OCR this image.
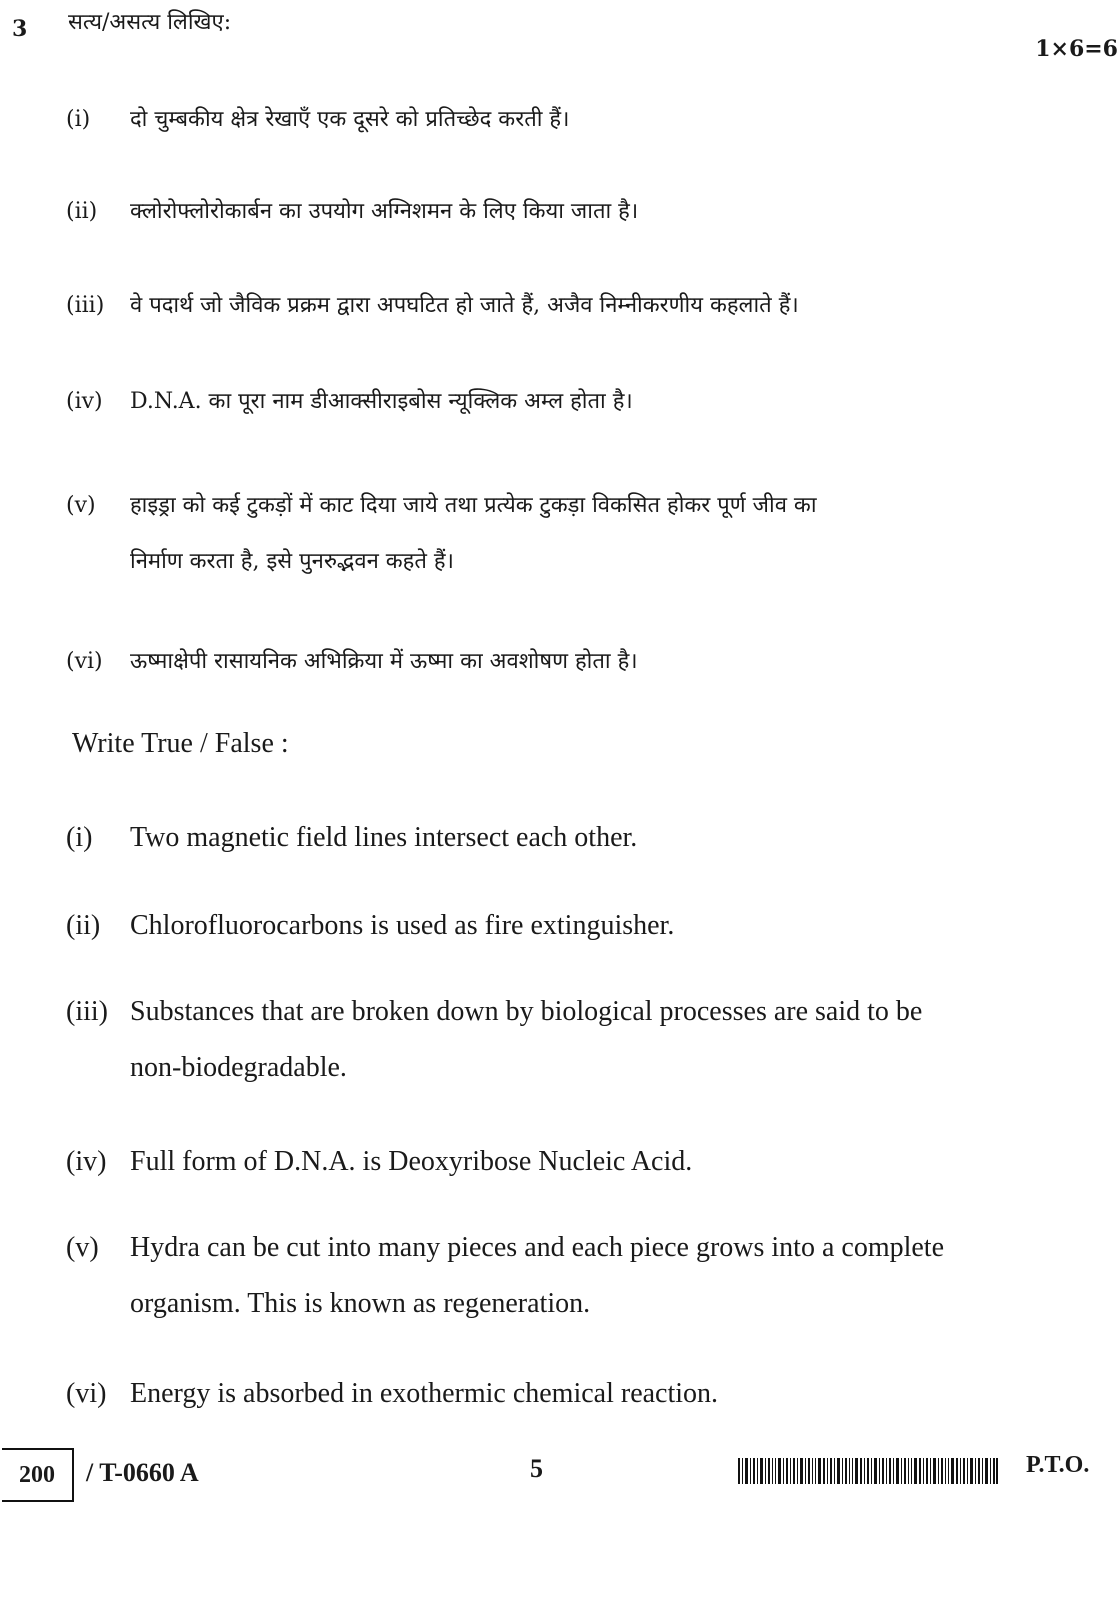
3 सत्य/असत्य लिखिए:
1×6=6
(i) दो चुम्बकीय क्षेत्र रेखाएँ एक दूसरे को प्रतिच्छेद करती हैं।
(ii) क्लोरोफ्लोरोकार्बन का उपयोग अग्निशमन के लिए किया जाता है।
(iii) वे पदार्थ जो जैविक प्रक्रम द्वारा अपघटित हो जाते हैं, अजैव निम्नीकरणीय कहलाते हैं।
(iv) D.N.A. का पूरा नाम डीआक्सीराइबोस न्यूक्लिक अम्ल होता है।
(v) हाइड्रा को कई टुकड़ों में काट दिया जाये तथा प्रत्येक टुकड़ा विकसित होकर पूर्ण जीव का
निर्माण करता है, इसे पुनरुद्भवन कहते हैं।
(vi) ऊष्माक्षेपी रासायनिक अभिक्रिया में ऊष्मा का अवशोषण होता है।
Write True / False :
(i) Two magnetic field lines intersect each other.
(ii) Chlorofluorocarbons is used as fire extinguisher.
(iii) Substances that are broken down by biological processes are said to be
non-biodegradable.
(iv) Full form of D.N.A. is Deoxyribose Nucleic Acid.
(v) Hydra can be cut into many pieces and each piece grows into a complete
organism. This is known as regeneration.
(vi) Energy is absorbed in exothermic chemical reaction.
200	/ T-0660 A	5	P.T.O.
